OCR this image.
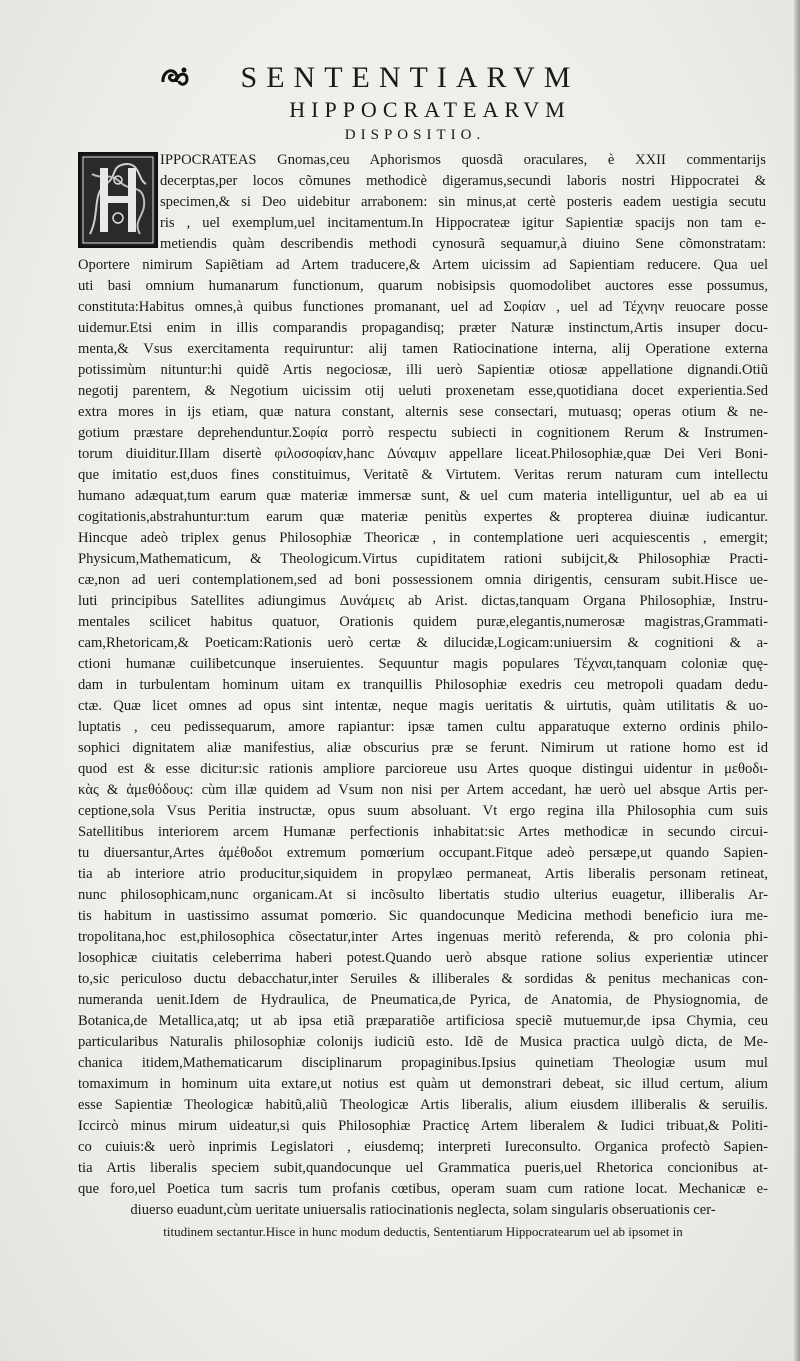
SENTENTIARVM
HIPPOCRATEARVM
DISPOSITIO.
IPPOCRATEAS Gnomas,ceu Aphorismos quosdã oraculares, è XXII commentarijs
decerptas,per locos cõmunes methodicè digeramus,secundi laboris nostri Hippocratei &
specimen,& si Deo uidebitur arrabonem: sin minus,at certè posteris eadem uestigia secutu
ris , uel exemplum,uel incitamentum.In Hippocrateæ igitur Sapientiæ spacijs non tam e-
metiendis quàm describendis methodi cynosurã sequamur,à diuino Sene cõmonstratam:
Oportere nimirum Sapiẽtiam ad Artem traducere,& Artem uicissim ad Sapientiam reducere. Qua uel
uti basi omnium humanarum functionum, quarum nobisipsis quomodolibet auctores esse possumus,
constituta:Habitus omnes,à quibus functiones promanant, uel ad Σοφίαν , uel ad Τέχνην reuocare posse
uidemur.Etsi enim in illis comparandis propagandisq; præter Naturæ instinctum,Artis insuper docu-
menta,& Vsus exercitamenta requiruntur: alij tamen Ratiocinatione interna, alij Operatione externa
potissimùm nituntur:hi quidẽ Artis negociosæ, illi uerò Sapientiæ otiosæ appellatione dignandi.Otiũ
negotij parentem, & Negotium uicissim otij ueluti proxenetam esse,quotidiana docet experientia.Sed
extra mores in ijs etiam, quæ natura constant, alternis sese consectari, mutuasq; operas otium & ne-
gotium præstare deprehenduntur.Σοφία porrò respectu subiecti in cognitionem Rerum & Instrumen-
torum diuiditur.Illam disertè φιλοσοφίαν,hanc Δύναμιν appellare liceat.Philosophiæ,quæ Dei Veri Boni-
que imitatio est,duos fines constituimus, Veritatẽ & Virtutem. Veritas rerum naturam cum intellectu
humano adæquat,tum earum quæ materiæ immersæ sunt, & uel cum materia intelliguntur, uel ab ea ui
cogitationis,abstrahuntur:tum earum quæ materiæ penitùs expertes & propterea diuinæ iudicantur.
Hincque adeò triplex genus Philosophiæ Theoricæ , in contemplatione ueri acquiescentis , emergit;
Physicum,Mathematicum, & Theologicum.Virtus cupiditatem rationi subijcit,& Philosophiæ Practi-
cæ,non ad ueri contemplationem,sed ad boni possessionem omnia dirigentis, censuram subit.Hisce ue-
luti principibus Satellites adiungimus Δυνάμεις ab Arist. dictas,tanquam Organa Philosophiæ, Instru-
mentales scilicet habitus quatuor, Orationis quidem puræ,elegantis,numerosæ magistras,Grammati-
cam,Rhetoricam,& Poeticam:Rationis uerò certæ & dilucidæ,Logicam:uniuersim & cognitioni & a-
ctioni humanæ cuilibetcunque inseruientes. Sequuntur magis populares Τέχναι,tanquam coloniæ quę-
dam in turbulentam hominum uitam ex tranquillis Philosophiæ exedris ceu metropoli quadam dedu-
ctæ. Quæ licet omnes ad opus sint intentæ, neque magis ueritatis & uirtutis, quàm utilitatis & uo-
luptatis , ceu pedissequarum, amore rapiantur: ipsæ tamen cultu apparatuque externo ordinis philo-
sophici dignitatem aliæ manifestius, aliæ obscurius præ se ferunt. Nimirum ut ratione homo est id
quod est & esse dicitur:sic rationis ampliore parcioreue usu Artes quoque distingui uidentur in μεθοδι-
κὰς & ἀμεθόδους: cùm illæ quidem ad Vsum non nisi per Artem accedant, hæ uerò uel absque Artis per-
ceptione,sola Vsus Peritia instructæ, opus suum absoluant. Vt ergo regina illa Philosophia cum suis
Satellitibus interiorem arcem Humanæ perfectionis inhabitat:sic Artes methodicæ in secundo circui-
tu diuersantur,Artes ἀμέθοδοι extremum pomœrium occupant.Fitque adeò persæpe,ut quando Sapien-
tia ab interiore atrio producitur,siquidem in propylæo permaneat, Artis liberalis personam retineat,
nunc philosophicam,nunc organicam.At si incõsulto libertatis studio ulterius euagetur, illiberalis Ar-
tis habitum in uastissimo assumat pomœrio. Sic quandocunque Medicina methodi beneficio iura me-
tropolitana,hoc est,philosophica cõsectatur,inter Artes ingenuas meritò referenda, & pro colonia phi-
losophicæ ciuitatis celeberrima haberi potest.Quando uerò absque ratione solius experientiæ utincer
to,sic periculoso ductu debacchatur,inter Seruiles & illiberales & sordidas & penitus mechanicas con-
numeranda uenit.Idem de Hydraulica, de Pneumatica,de Pyrica, de Anatomia, de Physiognomia, de
Botanica,de Metallica,atq; ut ab ipsa etiã præparatiõe artificiosa speciẽ mutuemur,de ipsa Chymia, ceu
particularibus Naturalis philosophiæ colonijs iudiciũ esto. Idẽ de Musica practica uulgò dicta, de Me-
chanica itidem,Mathematicarum disciplinarum propaginibus.Ipsius quinetiam Theologiæ usum mul
tomaximum in hominum uita extare,ut notius est quàm ut demonstrari debeat, sic illud certum, alium
esse Sapientiæ Theologicæ habitũ,aliũ Theologicæ Artis liberalis, alium eiusdem illiberalis & seruilis.
Iccircò minus mirum uideatur,si quis Philosophiæ Practicę Artem liberalem & Iudici tribuat,& Politi-
co cuiuis:& uerò inprimis Legislatori , eiusdemq; interpreti Iureconsulto. Organica profectò Sapien-
tia Artis liberalis speciem subit,quandocunque uel Grammatica pueris,uel Rhetorica concionibus at-
que foro,uel Poetica tum sacris tum profanis cœtibus, operam suam cum ratione locat. Mechanicæ e-
diuerso euadunt,cùm ueritate uniuersalis ratiocinationis neglecta, solam singularis obseruationis cer-
titudinem sectantur.Hisce in hunc modum deductis, Sententiarum Hippocratearum uel ab ipsomet in
